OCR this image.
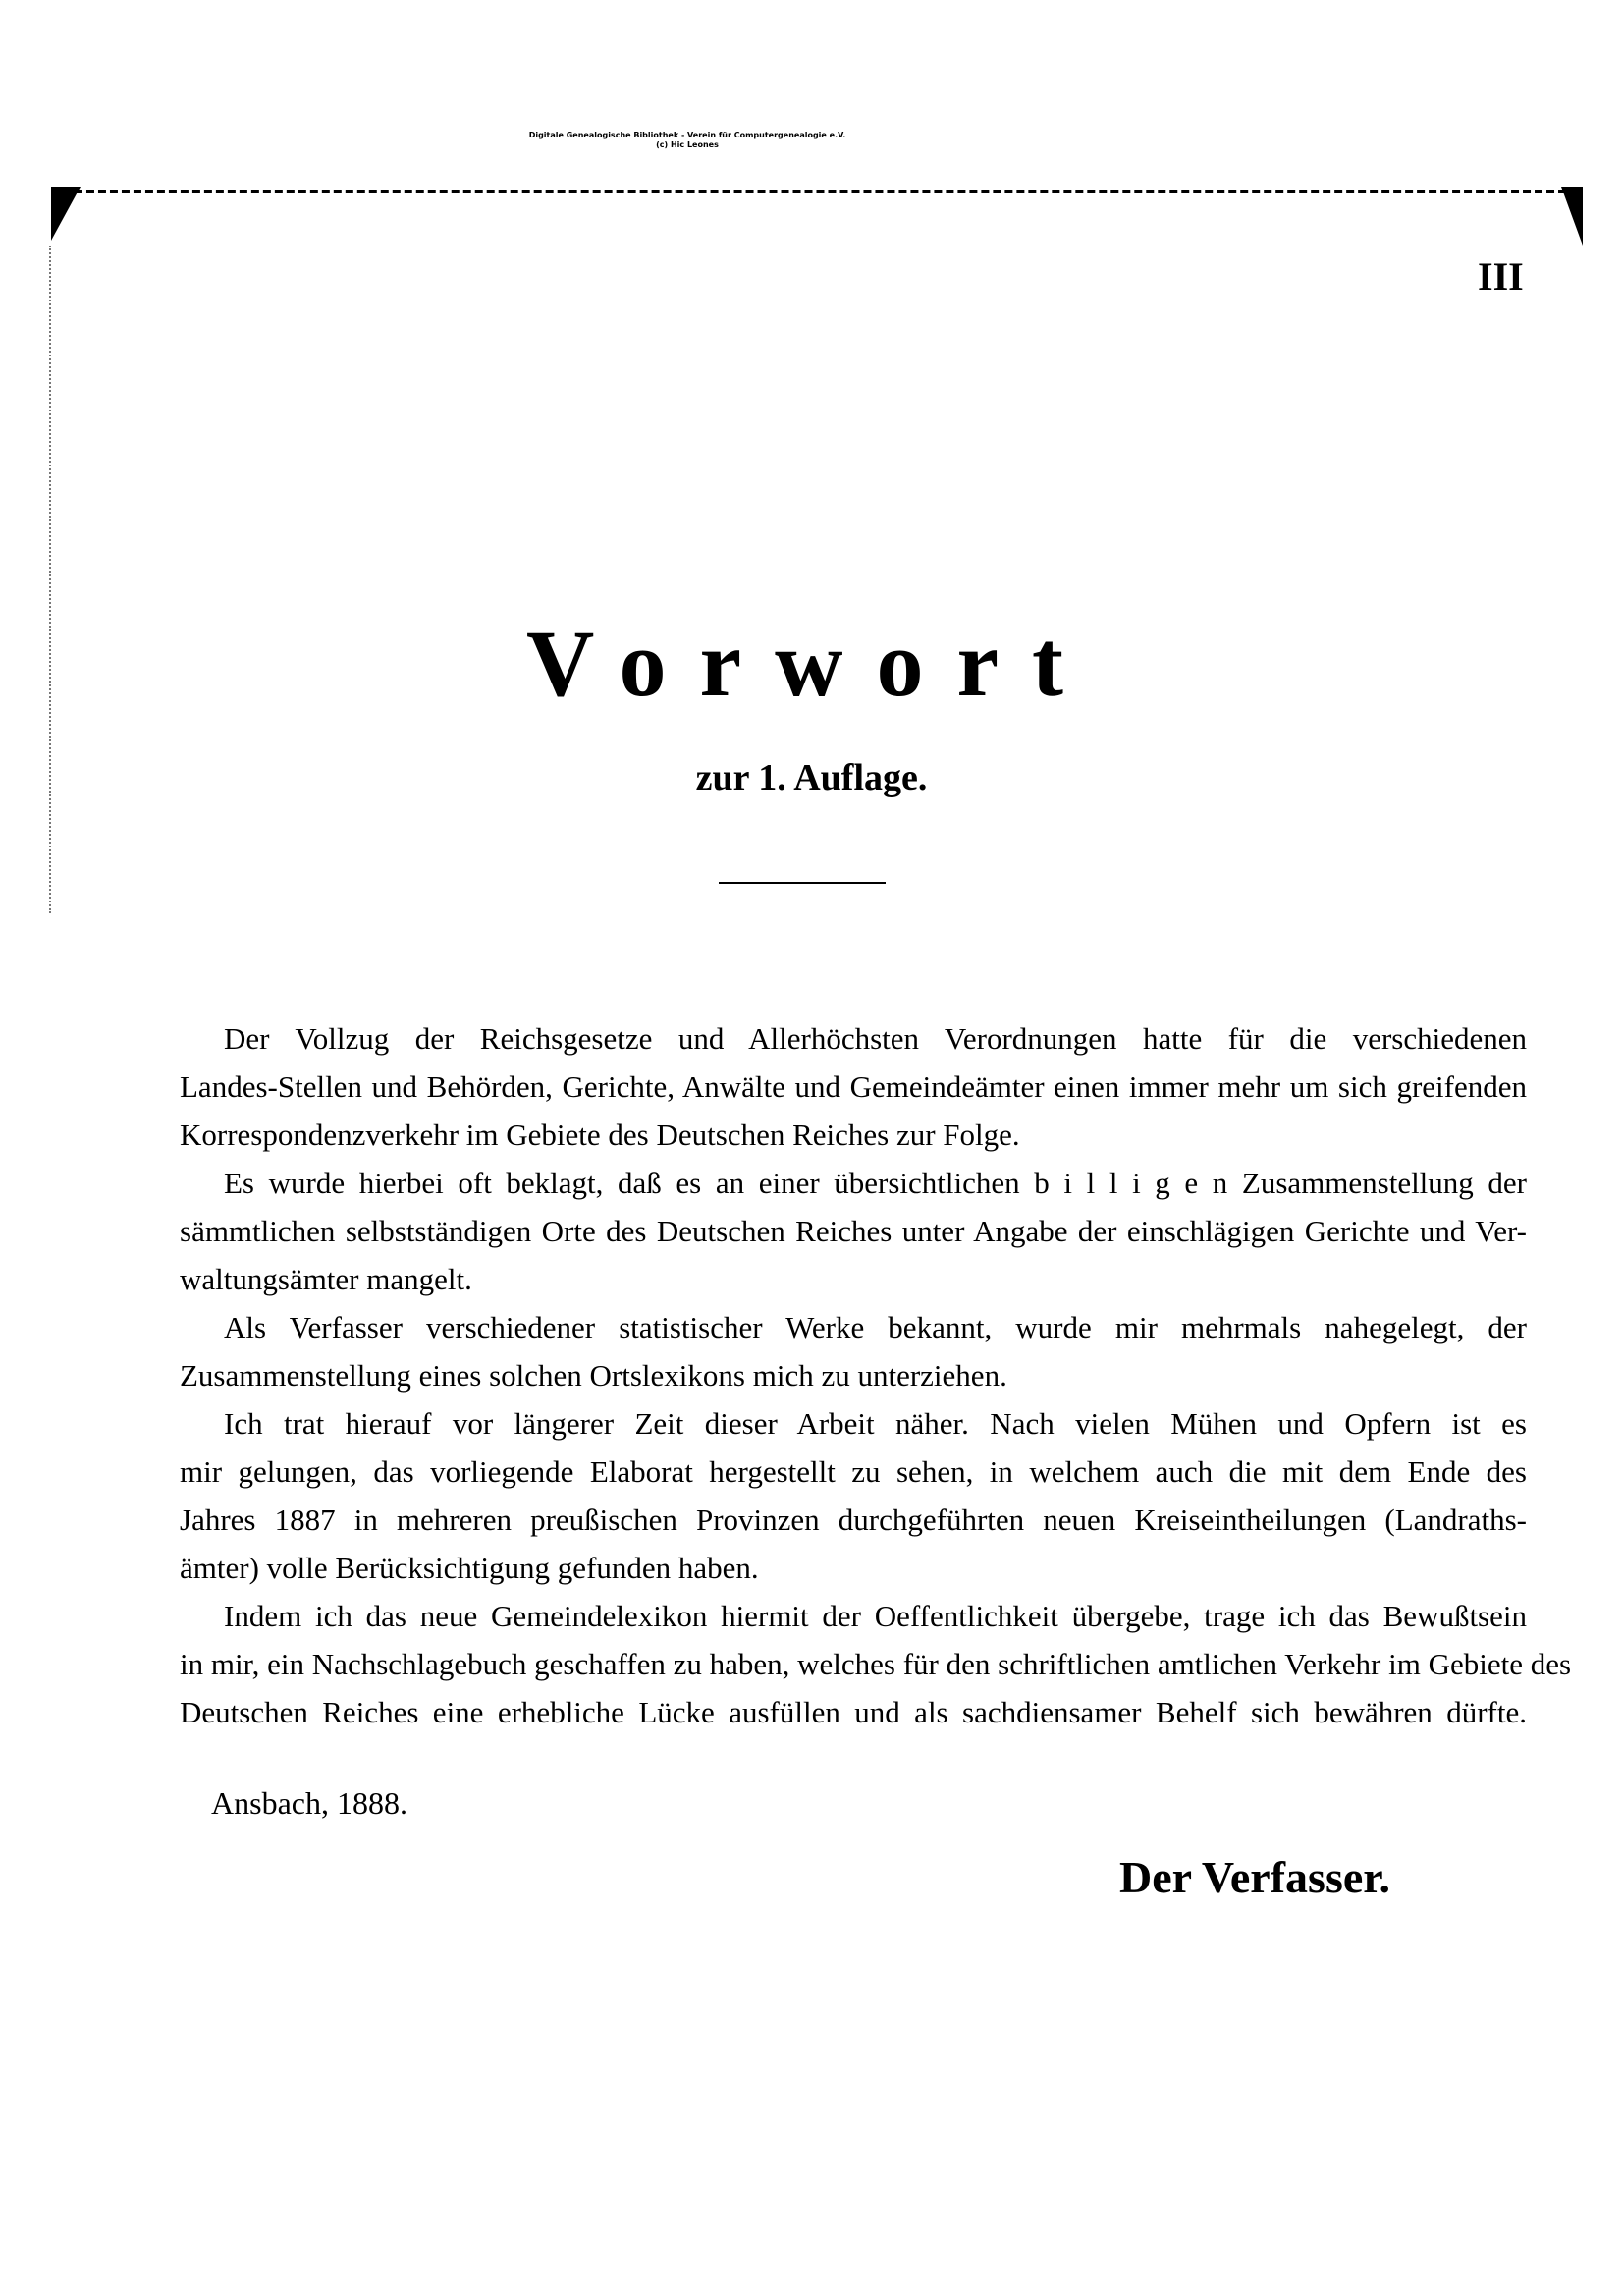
Digitale Genealogische Bibliothek - Verein für Computergenealogie e.V.
(c) Hic Leones
III
Vorwort
zur 1. Auflage.
Der Vollzug der Reichsgesetze und Allerhöchsten Verordnungen hatte für die verschiedenen
Landes-Stellen und Behörden, Gerichte, Anwälte und Gemeindeämter einen immer mehr um sich greifenden
Korrespondenzverkehr im Gebiete des Deutschen Reiches zur Folge.
Es wurde hierbei oft beklagt, daß es an einer übersichtlichen b i l l i g e n Zusammenstellung der
sämmtlichen selbstständigen Orte des Deutschen Reiches unter Angabe der einschlägigen Gerichte und Ver-
waltungsämter mangelt.
Als Verfasser verschiedener statistischer Werke bekannt, wurde mir mehrmals nahegelegt, der
Zusammenstellung eines solchen Ortslexikons mich zu unterziehen.
Ich trat hierauf vor längerer Zeit dieser Arbeit näher. Nach vielen Mühen und Opfern ist es
mir gelungen, das vorliegende Elaborat hergestellt zu sehen, in welchem auch die mit dem Ende des
Jahres 1887 in mehreren preußischen Provinzen durchgeführten neuen Kreiseintheilungen (Landraths-
ämter) volle Berücksichtigung gefunden haben.
Indem ich das neue Gemeindelexikon hiermit der Oeffentlichkeit übergebe, trage ich das Bewußtsein
in mir, ein Nachschlagebuch geschaffen zu haben, welches für den schriftlichen amtlichen Verkehr im Gebiete des
Deutschen Reiches eine erhebliche Lücke ausfüllen und als sachdiensamer Behelf sich bewähren dürfte.
Ansbach, 1888.
Der Verfasser.
